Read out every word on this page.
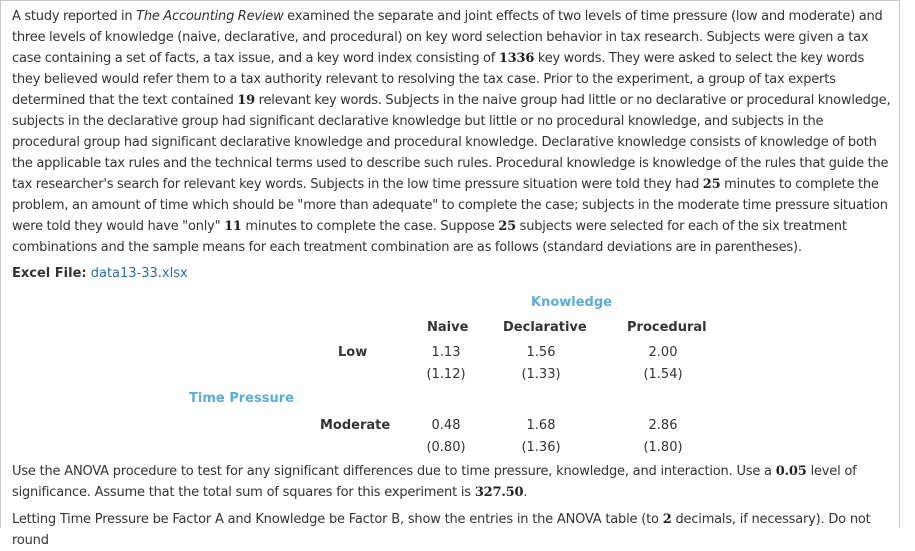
A study reported in The Accounting Review examined the separate and joint effects of two levels of time pressure (low and moderate) and three levels of knowledge (naive, declarative, and procedural) on key word selection behavior in tax research. Subjects were given a tax case containing a set of facts, a tax issue, and a key word index consisting of 1336 key words. They were asked to select the key words they believed would refer them to a tax authority relevant to resolving the tax case. Prior to the experiment, a group of tax experts determined that the text contained 19 relevant key words. Subjects in the naive group had little or no declarative or procedural knowledge, subjects in the declarative group had significant declarative knowledge but little or no procedural knowledge, and subjects in the procedural group had significant declarative knowledge and procedural knowledge. Declarative knowledge consists of knowledge of both the applicable tax rules and the technical terms used to describe such rules. Procedural knowledge is knowledge of the rules that guide the tax researcher's search for relevant key words. Subjects in the low time pressure situation were told they had 25 minutes to complete the problem, an amount of time which should be "more than adequate" to complete the case; subjects in the moderate time pressure situation were told they would have "only" 11 minutes to complete the case. Suppose 25 subjects were selected for each of the six treatment combinations and the sample means for each treatment combination are as follows (standard deviations are in parentheses).
Excel File: data13-33.xlsx
Knowledge
Naive	Declarative	Procedural
Low	1.13	1.56	2.00
(1.12)	(1.33)	(1.54)
Time Pressure
Moderate	0.48	1.68	2.86
(0.80)	(1.36)	(1.80)
Use the ANOVA procedure to test for any significant differences due to time pressure, knowledge, and interaction. Use a 0.05 level of significance. Assume that the total sum of squares for this experiment is 327.50.
Letting Time Pressure be Factor A and Knowledge be Factor B, show the entries in the ANOVA table (to 2 decimals, if necessary). Do not round
